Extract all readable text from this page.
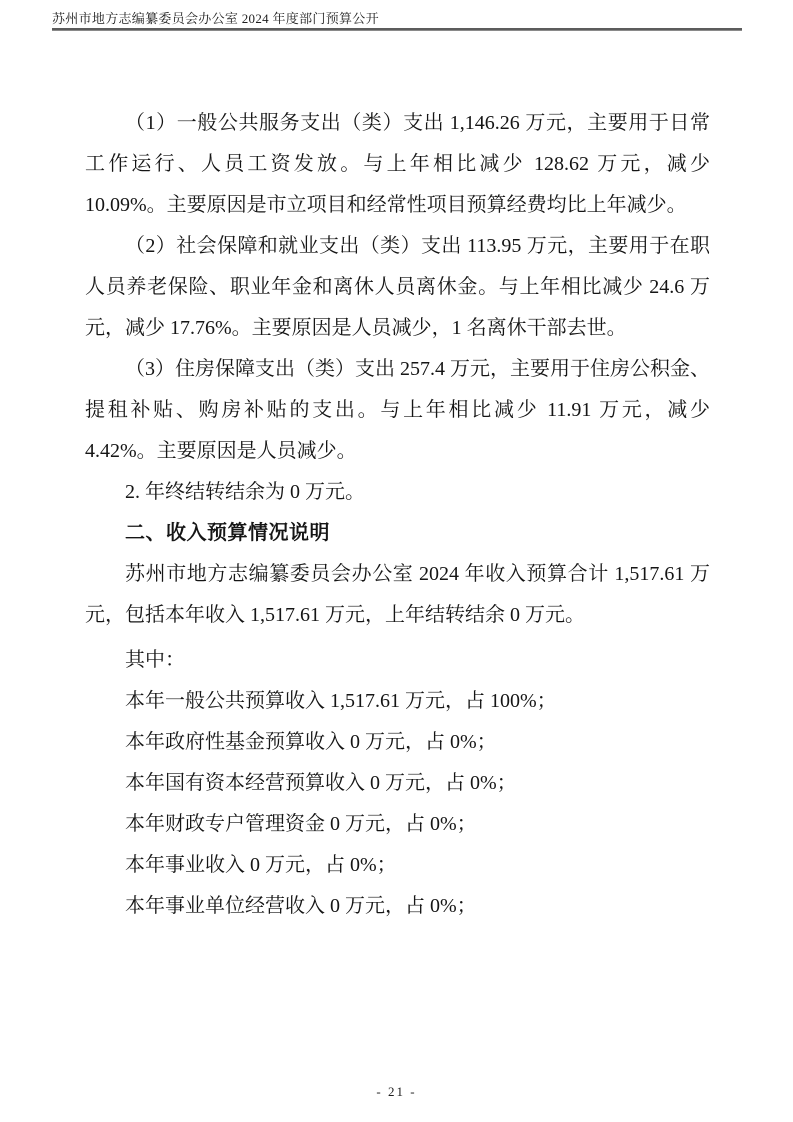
苏州市地方志编纂委员会办公室 2024 年度部门预算公开

（1）一般公共服务支出（类）支出 1,146.26 万元，主要用于日常工作运行、人员工资发放。与上年相比减少 128.62 万元，减少 10.09%。主要原因是市立项目和经常性项目预算经费均比上年减少。

（2）社会保障和就业支出（类）支出 113.95 万元，主要用于在职人员养老保险、职业年金和离休人员离休金。与上年相比减少 24.6 万元，减少 17.76%。主要原因是人员减少，1 名离休干部去世。

（3）住房保障支出（类）支出 257.4 万元，主要用于住房公积金、提租补贴、购房补贴的支出。与上年相比减少 11.91 万元，减少 4.42%。主要原因是人员减少。

2. 年终结转结余为 0 万元。

二、收入预算情况说明

苏州市地方志编纂委员会办公室 2024 年收入预算合计 1,517.61 万元，包括本年收入 1,517.61 万元，上年结转结余 0 万元。

其中：

本年一般公共预算收入 1,517.61 万元，占 100%；

本年政府性基金预算收入 0 万元，占 0%；

本年国有资本经营预算收入 0 万元，占 0%；

本年财政专户管理资金 0 万元，占 0%；

本年事业收入 0 万元，占 0%；

本年事业单位经营收入 0 万元，占 0%；

- 21 -
